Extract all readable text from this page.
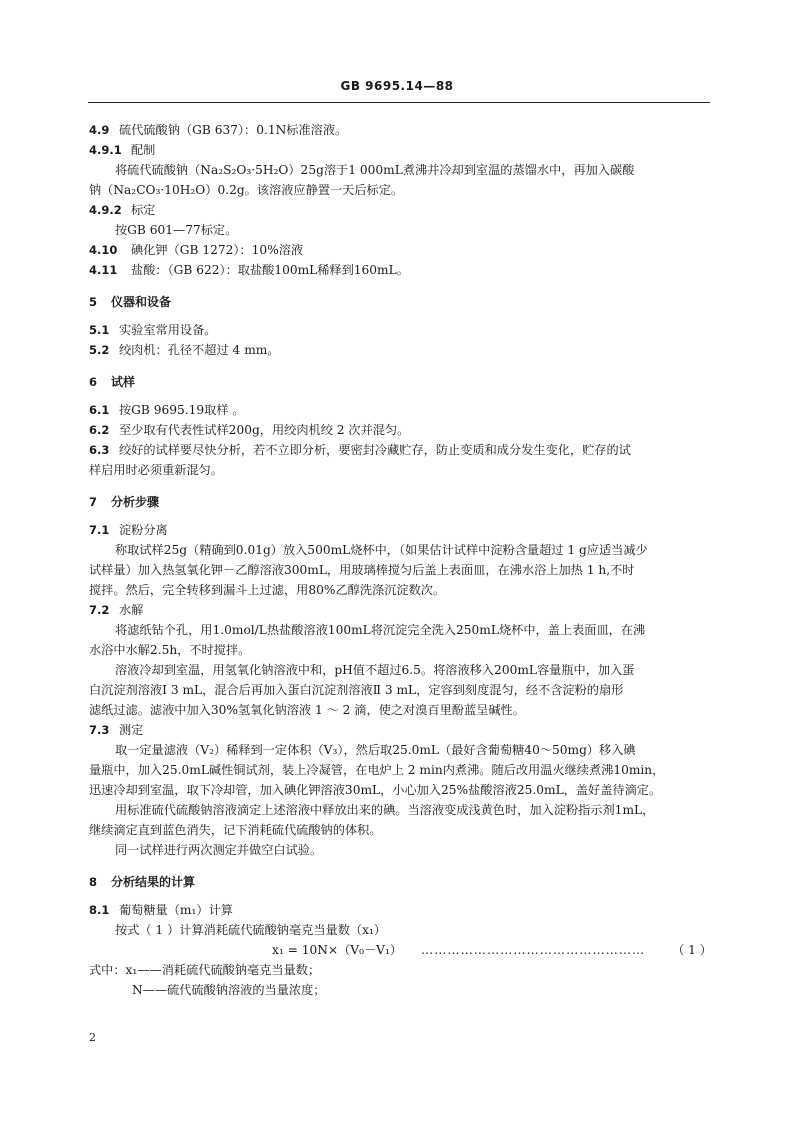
GB 9695.14—88
4.9 硫代硫酸钠（GB 637）：0.1N标准溶液。
4.9.1 配制
将硫代硫酸钠（Na₂S₂O₃·5H₂O）25g溶于1 000mL煮沸并冷却到室温的蒸馏水中，再加入碳酸
钠（Na₂CO₃·10H₂O）0.2g。该溶液应静置一天后标定。
4.9.2 标定
按GB 601—77标定。
4.10 碘化钾（GB 1272）：10%溶液
4.11 盐酸：（GB 622）：取盐酸100mL稀释到160mL。
5 仪器和设备
5.1 实验室常用设备。
5.2 绞肉机：孔径不超过 4 mm。
6 试样
6.1 按GB 9695.19取样 。
6.2 至少取有代表性试样200g，用绞肉机绞 2 次并混匀。
6.3 绞好的试样要尽快分析，若不立即分析，要密封冷藏贮存，防止变质和成分发生变化，贮存的试
样启用时必须重新混匀。
7 分析步骤
7.1 淀粉分离
称取试样25g（精确到0.01g）放入500mL烧杯中，（如果估计试样中淀粉含量超过 1 g应适当减少
试样量）加入热氢氧化钾－乙醇溶液300mL，用玻璃棒搅匀后盖上表面皿，在沸水浴上加热 1 h,不时
搅拌。然后，完全转移到漏斗上过滤，用80%乙醇洗涤沉淀数次。
7.2 水解
将滤纸钻个孔，用1.0mol/L热盐酸溶液100mL将沉淀完全洗入250mL烧杯中，盖上表面皿，在沸
水浴中水解2.5h，不时搅拌。
溶液冷却到室温，用氢氧化钠溶液中和，pH值不超过6.5。将溶液移入200mL容量瓶中，加入蛋
白沉淀剂溶液Ⅰ 3 mL，混合后再加入蛋白沉淀剂溶液Ⅱ 3 mL，定容到刻度混匀，经不含淀粉的扇形
滤纸过滤。滤液中加入30%氢氧化钠溶液 1 ～ 2 滴，使之对溴百里酚蓝呈碱性。
7.3 测定
取一定量滤液（V₂）稀释到一定体积（V₃），然后取25.0mL（最好含葡萄糖40～50mg）移入碘
量瓶中，加入25.0mL碱性铜试剂，装上冷凝管，在电炉上 2 min内煮沸。随后改用温火继续煮沸10min，
迅速冷却到室温，取下冷却管，加入碘化钾溶液30mL，小心加入25%盐酸溶液25.0mL，盖好盖待滴定。
用标准硫代硫酸钠溶液滴定上述溶液中释放出来的碘。当溶液变成浅黄色时，加入淀粉指示剂1mL，
继续滴定直到蓝色消失，记下消耗硫代硫酸钠的体积。
同一试样进行两次测定并做空白试验。
8 分析结果的计算
8.1 葡萄糖量（m₁）计算
按式（ 1 ）计算消耗硫代硫酸钠毫克当量数（x₁）
x₁ = 10N×（V₀－V₁） …………………………………………… （ 1 ）
式中：x₁——消耗硫代硫酸钠毫克当量数；
N——硫代硫酸钠溶液的当量浓度；
2
